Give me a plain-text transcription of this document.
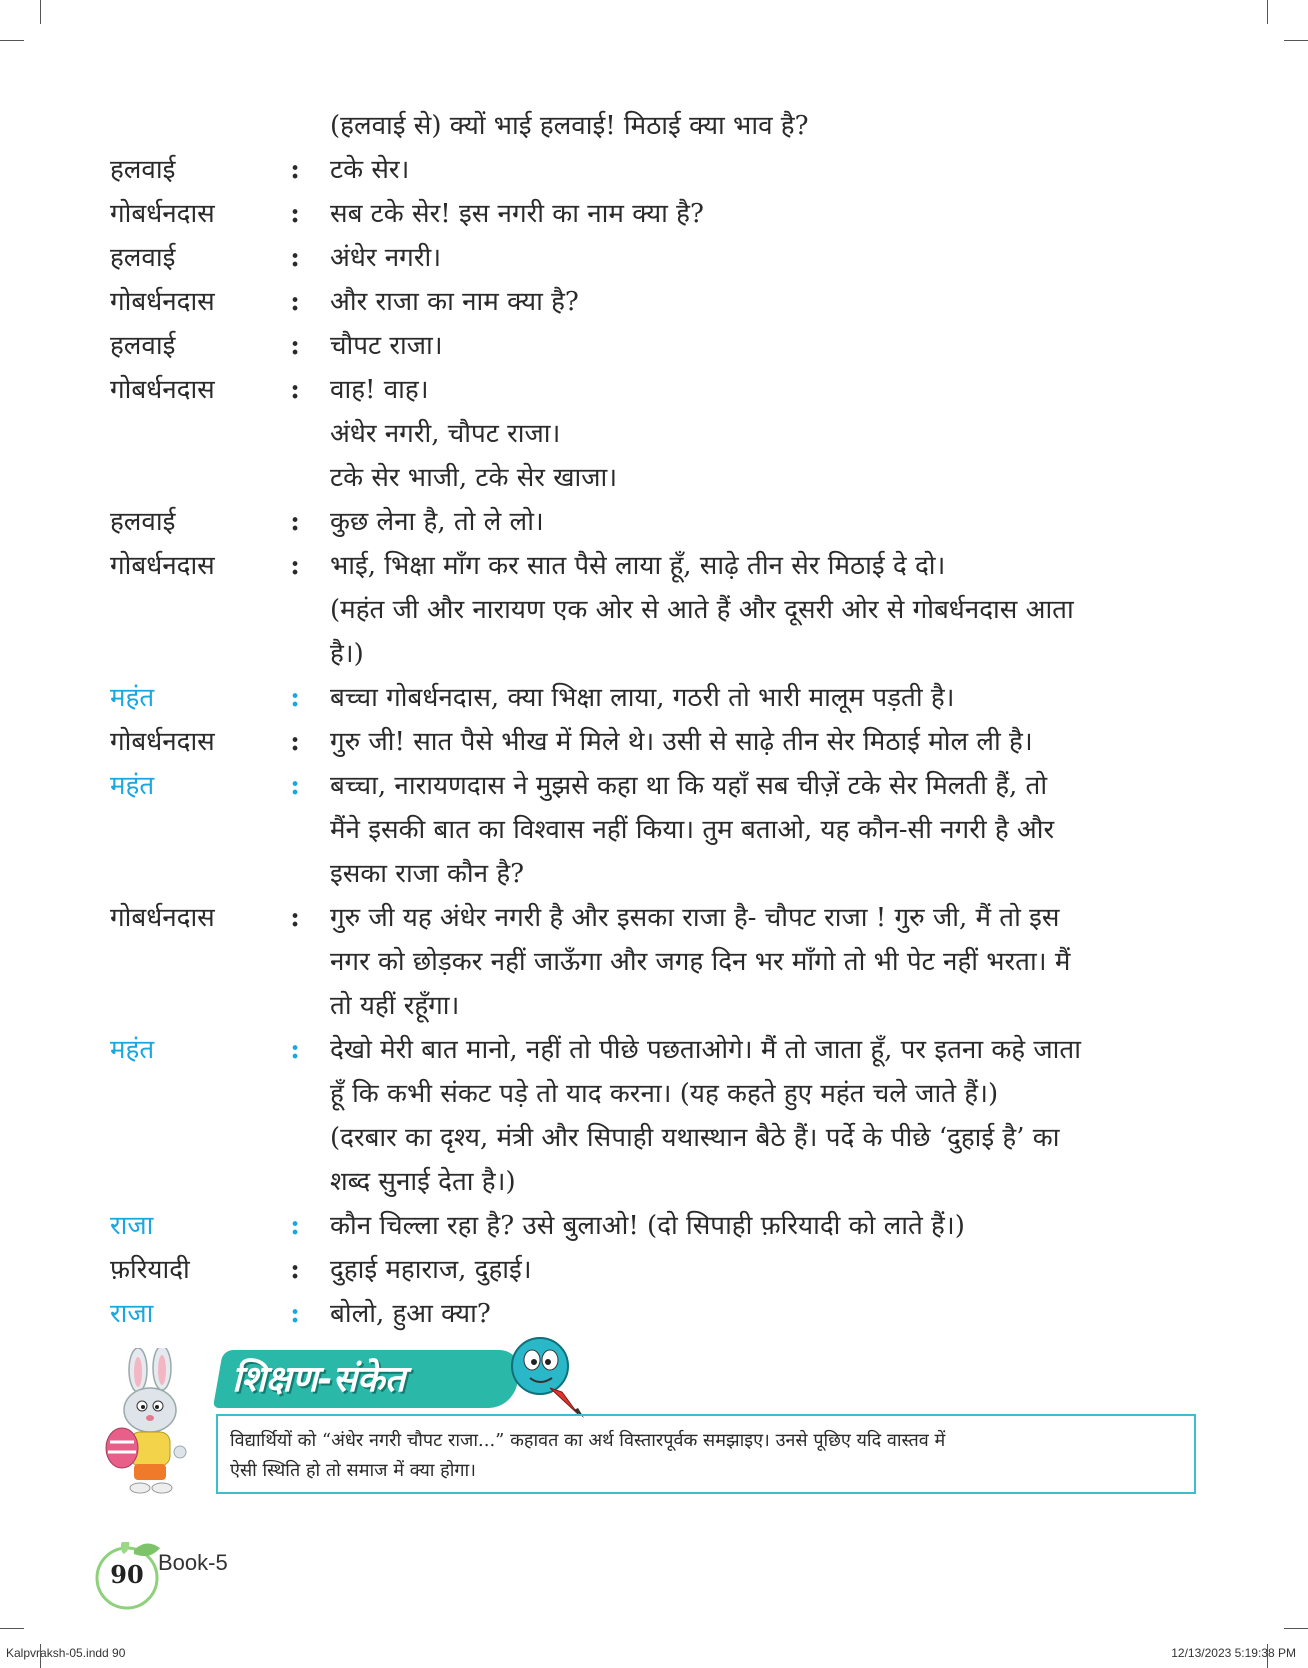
(हलवाई से) क्यों भाई हलवाई! मिठाई क्या भाव है?
हलवाई	:	टके सेर।
गोबर्धनदास	:	सब टके सेर! इस नगरी का नाम क्या है?
हलवाई	:	अंधेर नगरी।
गोबर्धनदास	:	और राजा का नाम क्या है?
हलवाई	:	चौपट राजा।
गोबर्धनदास	:	वाह! वाह।
अंधेर नगरी, चौपट राजा।
टके सेर भाजी, टके सेर खाजा।
हलवाई	:	कुछ लेना है, तो ले लो।
गोबर्धनदास	:	भाई, भिक्षा माँग कर सात पैसे लाया हूँ, साढ़े तीन सेर मिठाई दे दो।
(महंत जी और नारायण एक ओर से आते हैं और दूसरी ओर से गोबर्धनदास आता
है।)
महंत	:	बच्चा गोबर्धनदास, क्या भिक्षा लाया, गठरी तो भारी मालूम पड़ती है।
गोबर्धनदास	:	गुरु जी! सात पैसे भीख में मिले थे। उसी से साढ़े तीन सेर मिठाई मोल ली है।
महंत	:	बच्चा, नारायणदास ने मुझसे कहा था कि यहाँ सब चीज़ें टके सेर मिलती हैं, तो
मैंने इसकी बात का विश्वास नहीं किया। तुम बताओ, यह कौन-सी नगरी है और
इसका राजा कौन है?
गोबर्धनदास	:	गुरु जी यह अंधेर नगरी है और इसका राजा है- चौपट राजा ! गुरु जी, मैं तो इस
नगर को छोड़कर नहीं जाऊँगा और जगह दिन भर माँगो तो भी पेट नहीं भरता। मैं
तो यहीं रहूँगा।
महंत	:	देखो मेरी बात मानो, नहीं तो पीछे पछताओगे। मैं तो जाता हूँ, पर इतना कहे जाता
हूँ कि कभी संकट पड़े तो याद करना। (यह कहते हुए महंत चले जाते हैं।)
(दरबार का दृश्य, मंत्री और सिपाही यथास्थान बैठे हैं। पर्दे के पीछे ‘दुहाई है’ का
शब्द सुनाई देता है।)
राजा	:	कौन चिल्ला रहा है? उसे बुलाओ! (दो सिपाही फ़रियादी को लाते हैं।)
फ़रियादी	:	दुहाई महाराज, दुहाई।
राजा	:	बोलो, हुआ क्या?
शिक्षण-संकेत
विद्यार्थियों को “अंधेर नगरी चौपट राजा...” कहावत का अर्थ विस्तारपूर्वक समझाइए। उनसे पूछिए यदि वास्तव में
ऐसी स्थिति हो तो समाज में क्या होगा।
90 Book-5
Kalpvraksh-05.indd 90	12/13/2023 5:19:38 PM
